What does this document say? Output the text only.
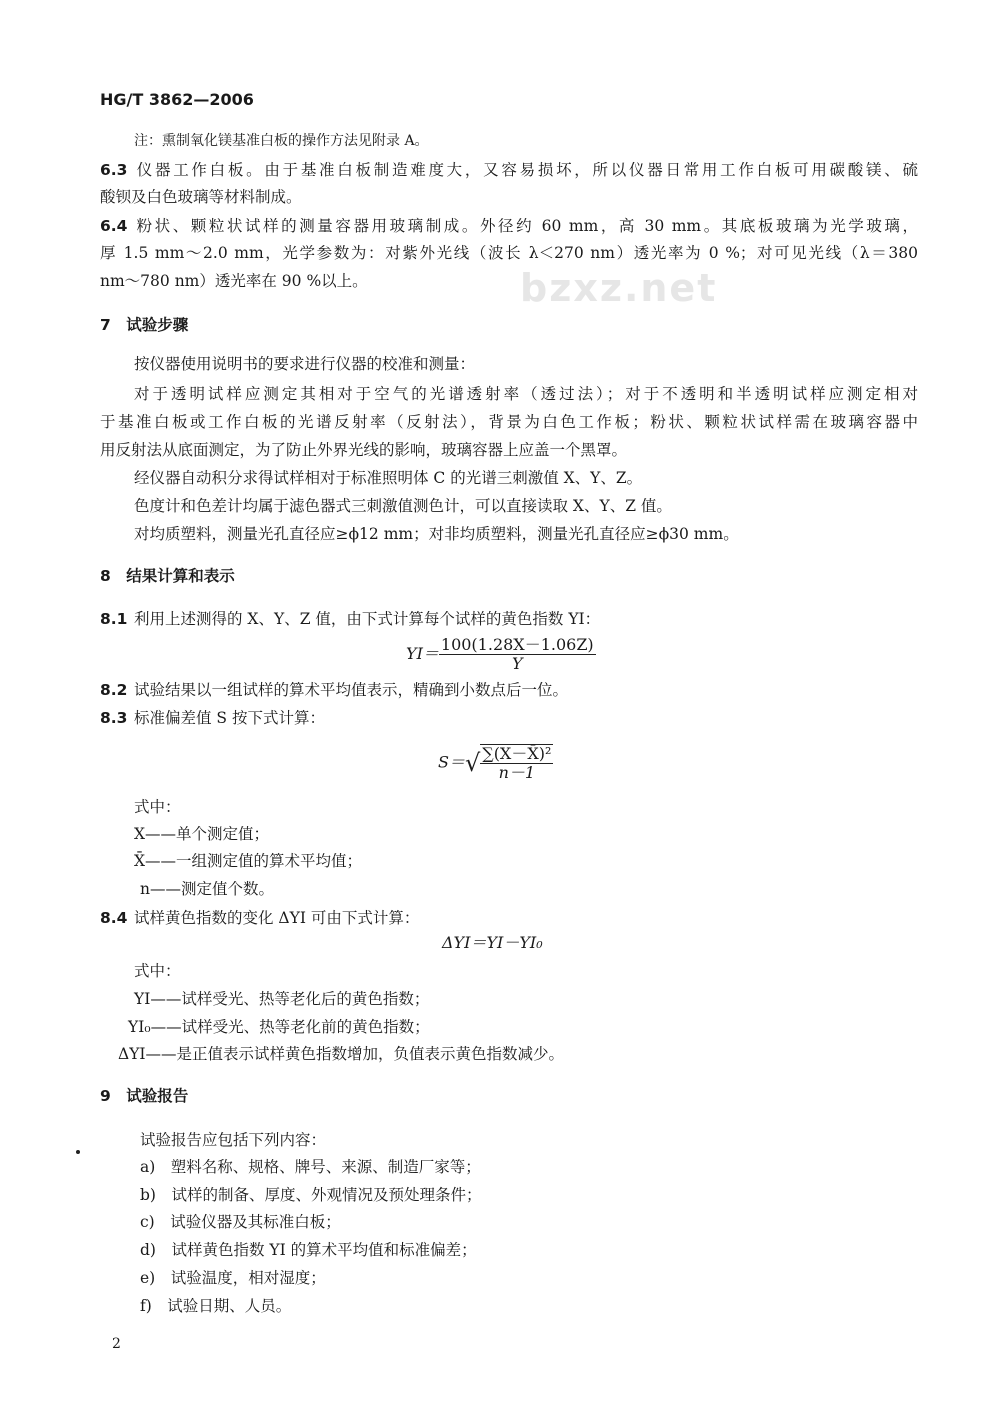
bzxz.net
HG/T 3862—2006
注：熏制氧化镁基准白板的操作方法见附录 A。
6.3 仪器工作白板。由于基准白板制造难度大，又容易损坏，所以仪器日常用工作白板可用碳酸镁、硫
酸钡及白色玻璃等材料制成。
6.4 粉状、颗粒状试样的测量容器用玻璃制成。外径约 60 mm，高 30 mm。其底板玻璃为光学玻璃，
厚 1.5 mm～2.0 mm，光学参数为：对紫外光线（波长 λ＜270 nm）透光率为 0 %；对可见光线（λ＝380
nm～780 nm）透光率在 90 %以上。
7　试验步骤
按仪器使用说明书的要求进行仪器的校准和测量：
对于透明试样应测定其相对于空气的光谱透射率（透过法）；对于不透明和半透明试样应测定相对
于基准白板或工作白板的光谱反射率（反射法），背景为白色工作板；粉状、颗粒状试样需在玻璃容器中
用反射法从底面测定，为了防止外界光线的影响，玻璃容器上应盖一个黑罩。
经仪器自动积分求得试样相对于标准照明体 C 的光谱三刺激值 X、Y、Z。
色度计和色差计均属于滤色器式三刺激值测色计，可以直接读取 X、Y、Z 值。
对均质塑料，测量光孔直径应≥ϕ12 mm；对非均质塑料，测量光孔直径应≥ϕ30 mm。
8　结果计算和表示
8.1 利用上述测得的 X、Y、Z 值，由下式计算每个试样的黄色指数 YI：
$YI= \frac{100(1.28X-1.06Z)}{Y}$
8.2 试验结果以一组试样的算术平均值表示，精确到小数点后一位。
8.3 标准偏差值 S 按下式计算：
$S=√ \frac{\text{∑(X－X̄)²}}{n-1}$
式中：
X——单个测定值；
X̄——一组测定值的算术平均值；
n——测定值个数。
8.4 试样黄色指数的变化 ΔYI 可由下式计算：
ΔYI＝YI－YI₀
式中：
YI——试样受光、热等老化后的黄色指数；
YI₀——试样受光、热等老化前的黄色指数；
ΔYI——是正值表示试样黄色指数增加，负值表示黄色指数减少。
9　试验报告
试验报告应包括下列内容：
a)　塑料名称、规格、牌号、来源、制造厂家等；
b)　试样的制备、厚度、外观情况及预处理条件；
c)　试验仪器及其标准白板；
d)　试样黄色指数 YI 的算术平均值和标准偏差；
e)　试验温度，相对湿度；
f)　试验日期、人员。
2
